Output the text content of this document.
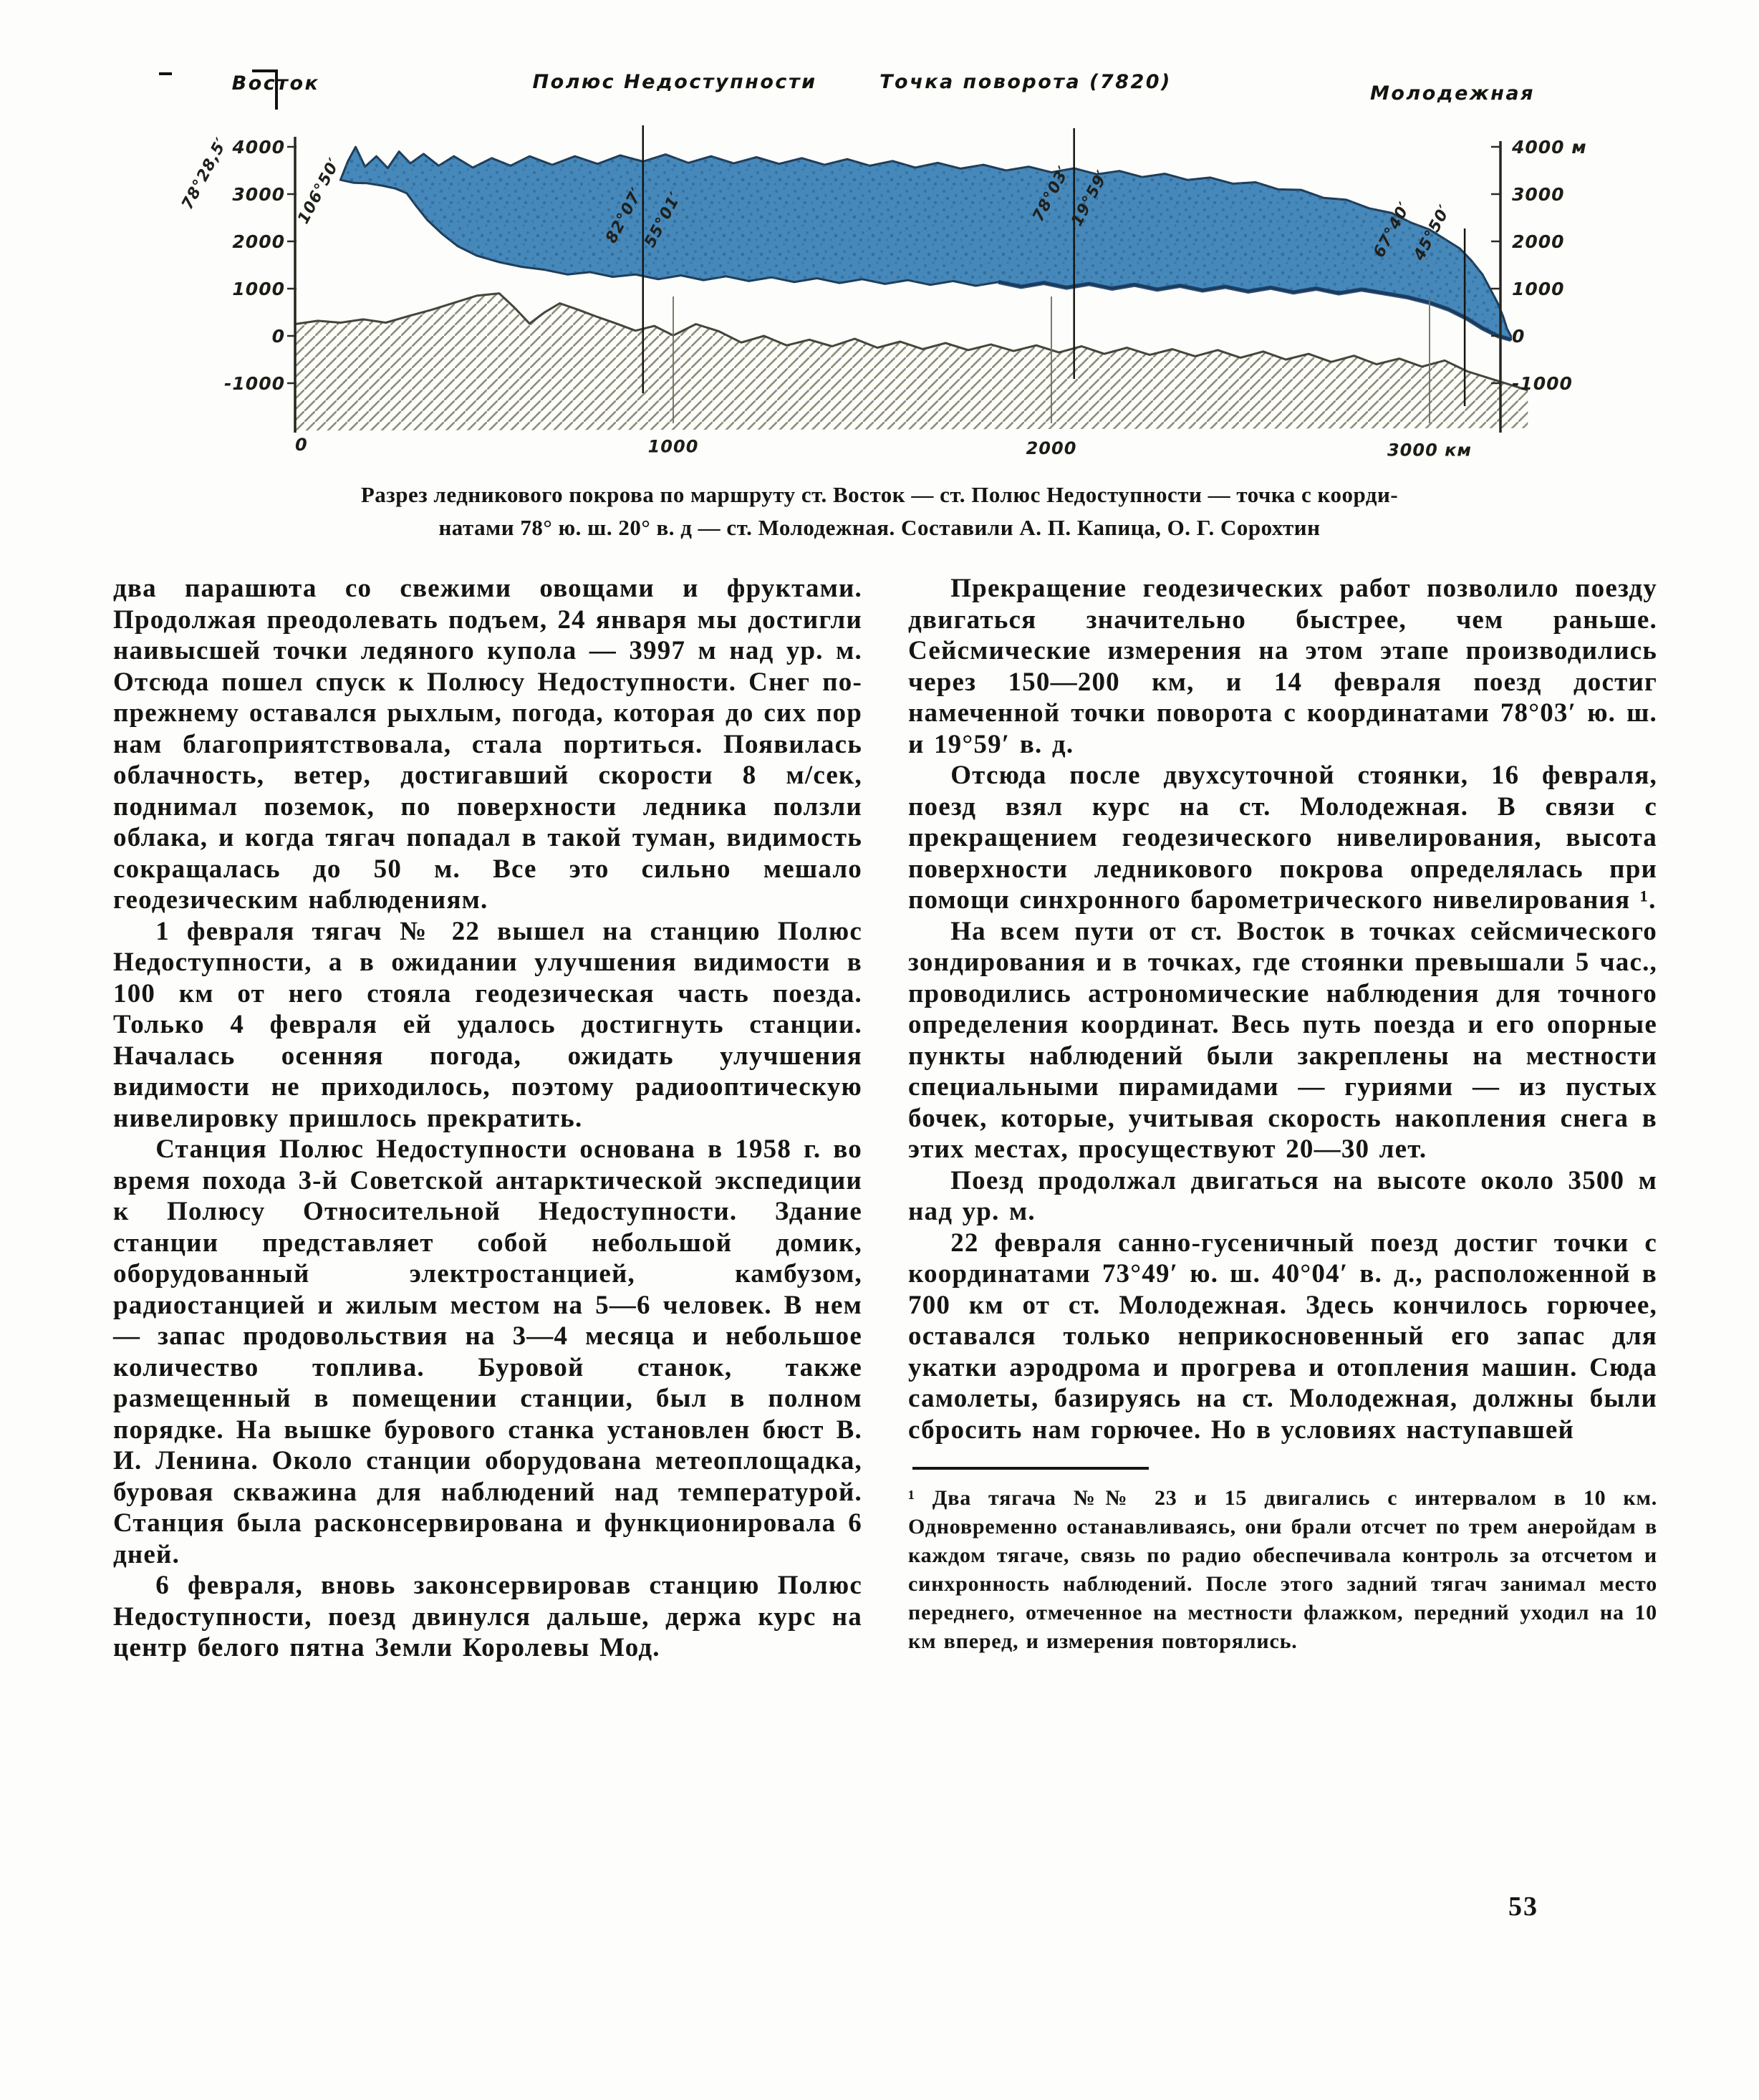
4000	4000 м
3000	3000
2000	2000
1000	1000
0	0
-1000	-1000
0	1000	2000	3000 км
Восток	Полюс Недоступности	Точка поворота (7820)
Молодежная
78°28,5′	106°50′	82°07′
55°01′	78°03′
19°59′
67°40′
45°50′
Разрез ледникового покрова по маршруту ст. Восток — ст. Полюс Недоступности — точка с коорди-
натами 78° ю. ш. 20° в. д — ст. Молодежная. Составили А. П. Капица, О. Г. Сорохтин

два парашюта со свежими овощами и фруктами. Продолжая преодолевать подъем, 24 января мы достигли наивысшей точки ледяного купола — 3997 м над ур. м. Отсюда пошел спуск к Полюсу Недоступности. Снег по-прежнему оставался рыхлым, погода, которая до сих пор нам благоприятствовала, стала портиться. Появилась облачность, ветер, достигавший скорости 8 м/сек, поднимал поземок, по поверхности ледника ползли облака, и когда тягач попадал в такой туман, видимость сокращалась до 50 м. Все это сильно мешало геодезическим наблюдениям.

1 февраля тягач № 22 вышел на станцию Полюс Недоступности, а в ожидании улучшения видимости в 100 км от него стояла геодезическая часть поезда. Только 4 февраля ей удалось достигнуть станции. Началась осенняя погода, ожидать улучшения видимости не приходилось, поэтому радиооптическую нивелировку пришлось прекратить.

Станция Полюс Недоступности основана в 1958 г. во время похода 3-й Советской антарктической экспедиции к Полюсу Относительной Недоступности. Здание станции представляет собой небольшой домик, оборудованный электростанцией, камбузом, радиостанцией и жилым местом на 5—6 человек. В нем — запас продовольствия на 3—4 месяца и небольшое количество топлива. Буровой станок, также размещенный в помещении станции, был в полном порядке. На вышке бурового станка установлен бюст В. И. Ленина. Около станции оборудована метеоплощадка, буровая скважина для наблюдений над температурой. Станция была расконсервирована и функционировала 6 дней.

6 февраля, вновь законсервировав станцию Полюс Недоступности, поезд двинулся дальше, держа курс на центр белого пятна Земли Королевы Мод.

Прекращение геодезических работ позволило поезду двигаться значительно быстрее, чем раньше. Сейсмические измерения на этом этапе производились через 150—200 км, и 14 февраля поезд достиг намеченной точки поворота с координатами 78°03′ ю. ш. и 19°59′ в. д.

Отсюда после двухсуточной стоянки, 16 февраля, поезд взял курс на ст. Молодежная. В связи с прекращением геодезического нивелирования, высота поверхности ледникового покрова определялась при помощи синхронного барометрического нивелирования ¹.

На всем пути от ст. Восток в точках сейсмического зондирования и в точках, где стоянки превышали 5 час., проводились астрономические наблюдения для точного определения координат. Весь путь поезда и его опорные пункты наблюдений были закреплены на местности специальными пирамидами — гуриями — из пустых бочек, которые, учитывая скорость накопления снега в этих местах, просуществуют 20—30 лет.

Поезд продолжал двигаться на высоте около 3500 м над ур. м.

22 февраля санно-гусеничный поезд достиг точки с координатами 73°49′ ю. ш. 40°04′ в. д., расположенной в 700 км от ст. Молодежная. Здесь кончилось горючее, оставался только неприкосновенный его запас для укатки аэродрома и прогрева и отопления машин. Сюда самолеты, базируясь на ст. Молодежная, должны были сбросить нам горючее. Но в условиях наступавшей

¹ Два тягача №№ 23 и 15 двигались с интервалом в 10 км. Одновременно останавливаясь, они брали отсчет по трем анеройдам в каждом тягаче, связь по радио обеспечивала контроль за отсчетом и синхронность наблюдений. После этого задний тягач занимал место переднего, отмеченное на местности флажком, передний уходил на 10 км вперед, и измерения повторялись.

53
